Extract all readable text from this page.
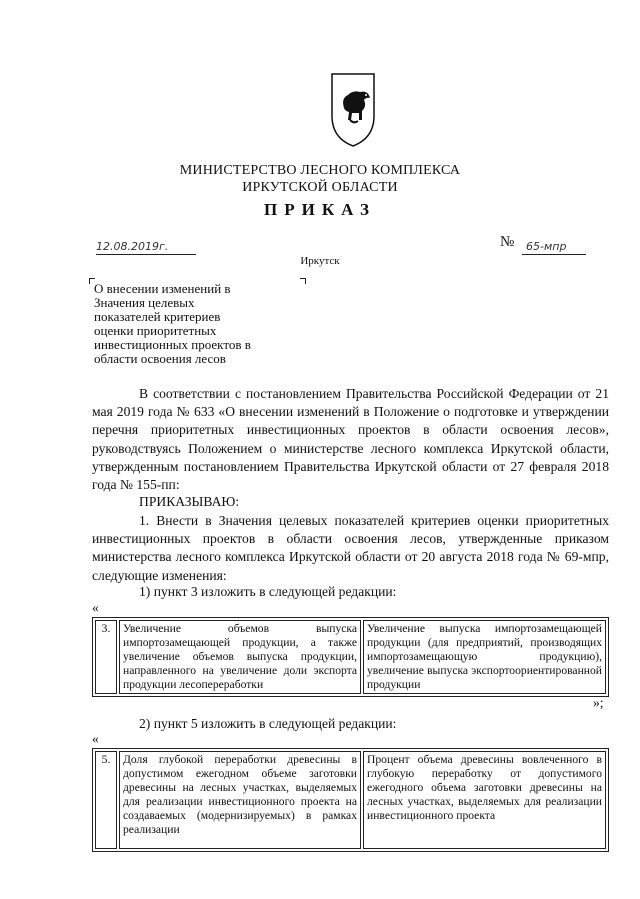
МИНИСТЕРСТВО ЛЕСНОГО КОМПЛЕКСА
ИРКУТСКОЙ ОБЛАСТИ
ПРИКАЗ
12.08.2019г.	№ 65-мпр
Иркутск
О внесении изменений в
Значения целевых
показателей критериев
оценки приоритетных
инвестиционных проектов в
области освоения лесов
В соответствии с постановлением Правительства Российской Федерации от 21 мая 2019 года № 633 «О внесении изменений в Положение о подготовке и утверждении перечня приоритетных инвестиционных проектов в области освоения лесов», руководствуясь Положением о министерстве лесного комплекса Иркутской области, утвержденным постановлением Правительства Иркутской области от 27 февраля 2018 года № 155-пп:
ПРИКАЗЫВАЮ:
1. Внести в Значения целевых показателей критериев оценки приоритетных инвестиционных проектов в области освоения лесов, утвержденные приказом министерства лесного комплекса Иркутской области от 20 августа 2018 года № 69-мпр, следующие изменения:
1) пункт 3 изложить в следующей редакции:
«
3.	Увеличение объемов выпуска импортозамещающей продукции, а также увеличение объемов выпуска продукции, направленного на увеличение доли экспорта продукции лесопереработки	Увеличение выпуска импортозамещающей продукции (для предприятий, производящих импортозамещающую продукцию), увеличение выпуска экспортоориентированной продукции
»;
2) пункт 5 изложить в следующей редакции:
«
5.	Доля глубокой переработки древесины в допустимом ежегодном объеме заготовки древесины на лесных участках, выделяемых для реализации инвестиционного проекта на создаваемых (модернизируемых) в рамках реализации	Процент объема древесины вовлеченного в глубокую переработку от допустимого ежегодного объема заготовки древесины на лесных участках, выделяемых для реализации инвестиционного проекта
